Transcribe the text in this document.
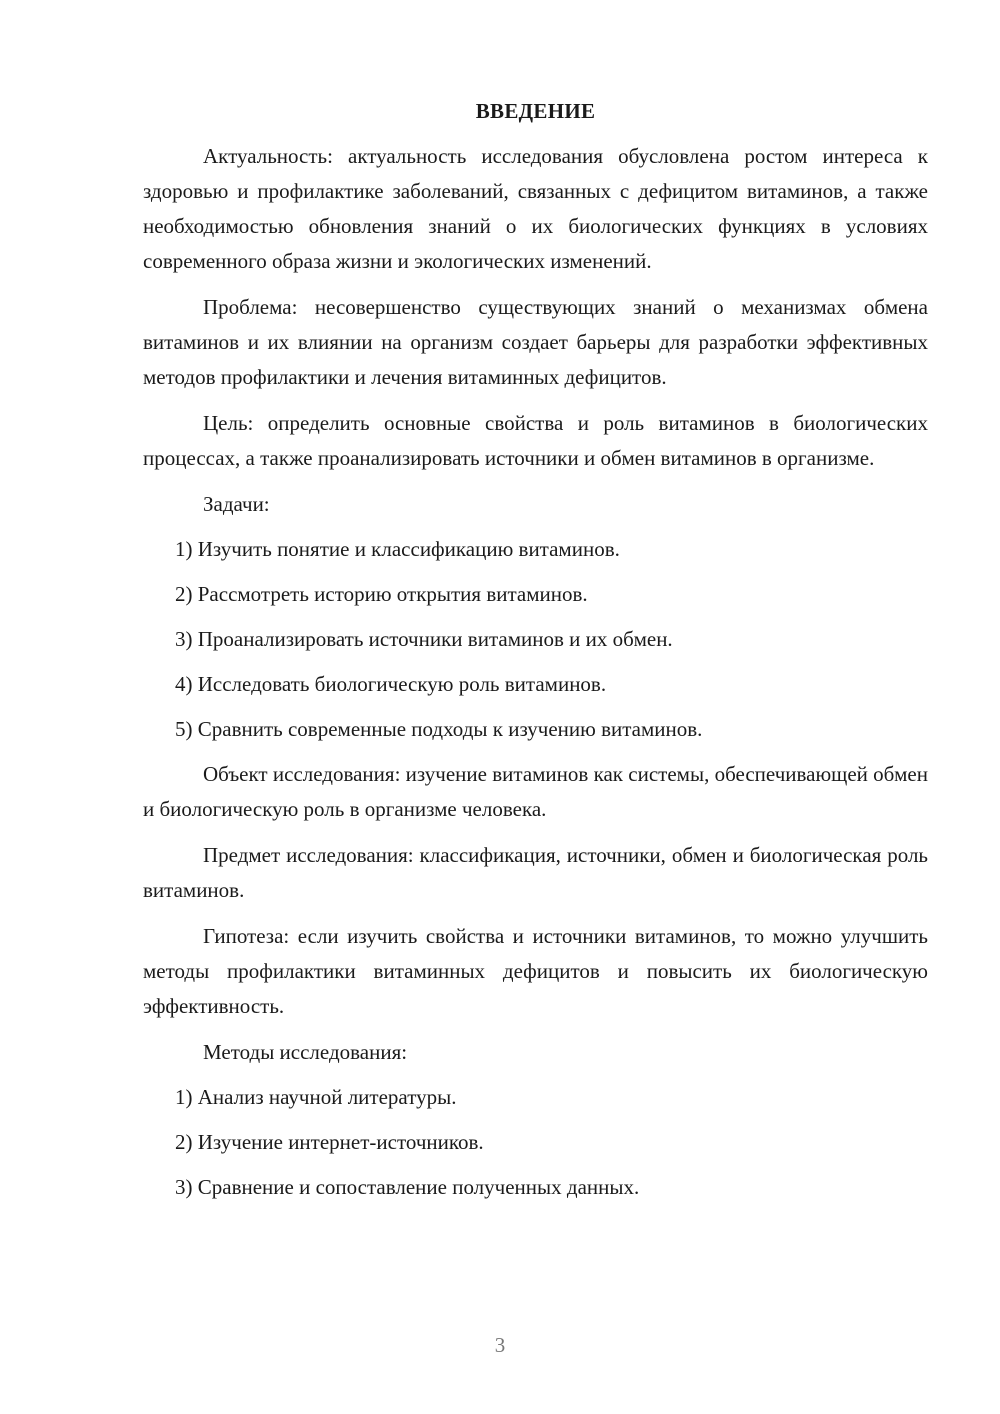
ВВЕДЕНИЕ

Актуальность: актуальность исследования обусловлена ростом интереса к здоровью и профилактике заболеваний, связанных с дефицитом витаминов, а также необходимостью обновления знаний о их биологических функциях в условиях современного образа жизни и экологических изменений.

Проблема: несовершенство существующих знаний о механизмах обмена витаминов и их влиянии на организм создает барьеры для разработки эффективных методов профилактики и лечения витаминных дефицитов.

Цель: определить основные свойства и роль витаминов в биологических процессах, а также проанализировать источники и обмен витаминов в организме.

Задачи:
1) Изучить понятие и классификацию витаминов.
2) Рассмотреть историю открытия витаминов.
3) Проанализировать источники витаминов и их обмен.
4) Исследовать биологическую роль витаминов.
5) Сравнить современные подходы к изучению витаминов.

Объект исследования: изучение витаминов как системы, обеспечивающей обмен и биологическую роль в организме человека.

Предмет исследования: классификация, источники, обмен и биологическая роль витаминов.

Гипотеза: если изучить свойства и источники витаминов, то можно улучшить методы профилактики витаминных дефицитов и повысить их биологическую эффективность.

Методы исследования:
1) Анализ научной литературы.
2) Изучение интернет-источников.
3) Сравнение и сопоставление полученных данных.
3
